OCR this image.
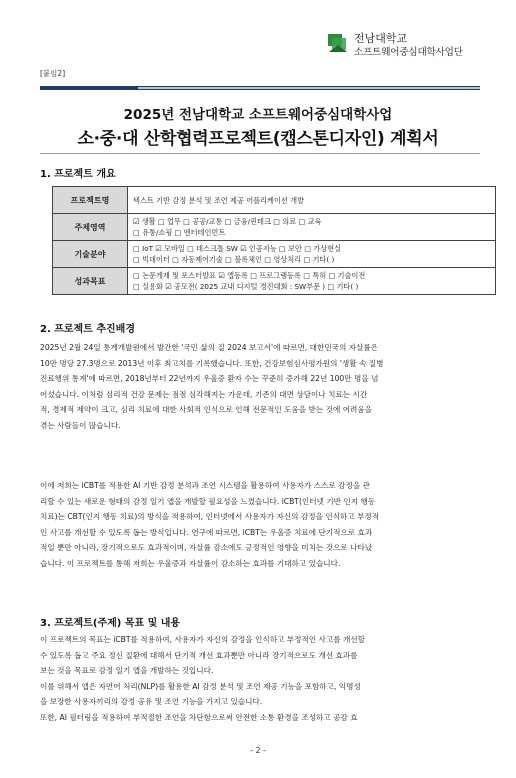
전남대학교
소프트웨어중심대학사업단
[붙임2]
2025년 전남대학교 소프트웨어중심대학사업
소·중·대 산학협력프로젝트(캡스톤디자인) 계획서
1. 프로젝트 개요
프로젝트명	텍스트 기반 감정 분석 및 조언 제공 어플리케이션 개발

주제영역	☑ 생활 □ 업무 □ 공공/교통 □ 금융/핀테크 □ 의료 □ 교육
□ 유통/쇼핑 □ 엔터테인먼트

기술분야	□ IoT ☑ 모바일 □ 데스크톱 SW ☑ 인공지능 □ 보안 □ 가상현실
□ 빅데이터 □ 자동제어기술 □ 블록체인 □ 영상처리 □ 기타( )

성과목표	□ 논문게재 및 포스터발표 ☑ 앱등록 □ 프로그램등록 □ 특허 □ 기술이전
□ 실용화 ☑ 공모전( 2025 교내 디지털 경진대회 : SW부문 ) □ 기타( )
2. 프로젝트 추진배경

2025년 2월 24일 통계개발원에서 발간한 '국민 삶의 질 2024 보고서'에 따르면, 대한민국의 자살률은

10만 명당 27.3명으로 2013년 이후 최고치를 기록했습니다. 또한, 건강보험심사평가원의 '생활 속 질병

진료행위 통계'에 따르면, 2018년부터 22년까지 우울증 환자 수는 꾸준히 증가해 22년 100만 명을 넘

어섰습니다. 이처럼 심리적 건강 문제는 점점 심각해지는 가운데, 기존의 대면 상담이나 치료는 시간

적, 경제적 제약이 크고, 심리 치료에 대한 사회적 인식으로 인해 전문적인 도움을 받는 것에 어려움을

겪는 사람들이 많습니다.

이에 저희는 iCBT를 적용한 AI 기반 감정 분석과 조언 시스템을 활용하여 사용자가 스스로 감정을 관

리할 수 있는 새로운 형태의 감정 일기 앱을 개발할 필요성을 느꼈습니다. iCBT(인터넷 기반 인지 행동

치료)는 CBT(인지 행동 치료)의 방식을 적용하여, 인터넷에서 사용자가 자신의 감정을 인식하고 부정적

인 사고를 개선할 수 있도록 돕는 방식입니다. 연구에 따르면, iCBT는 우울증 치료에 단기적으로 효과

적일 뿐만 아니라, 장기적으로도 효과적이며, 자살률 감소에도 긍정적인 영향을 미치는 것으로 나타났

습니다. 이 프로젝트를 통해 저희는 우울증과 자살률이 감소하는 효과를 기대하고 있습니다.

3. 프로젝트(주제) 목표 및 내용

이 프로젝트의 목표는 iCBT를 적용하여, 사용자가 자신의 감정을 인식하고 부정적인 사고를 개선할

수 있도록 돕고 주요 정신 질환에 대해서 단기적 개선 효과뿐만 아니라 장기적으로도 개선 효과를

보는 것을 목표로 감정 일기 앱을 개발하는 것입니다.

이를 위해서 앱은 자연어 처리(NLP)를 활용한 AI 감정 분석 및 조언 제공 기능을 포함하고, 익명성

을 보장한 사용자끼리의 감정 공유 및 조언 기능을 가지고 있습니다.

또한, AI 필터링을 적용하여 부적절한 조언을 차단함으로써 안전한 소통 환경을 조성하고 공감 효

- 2 -
